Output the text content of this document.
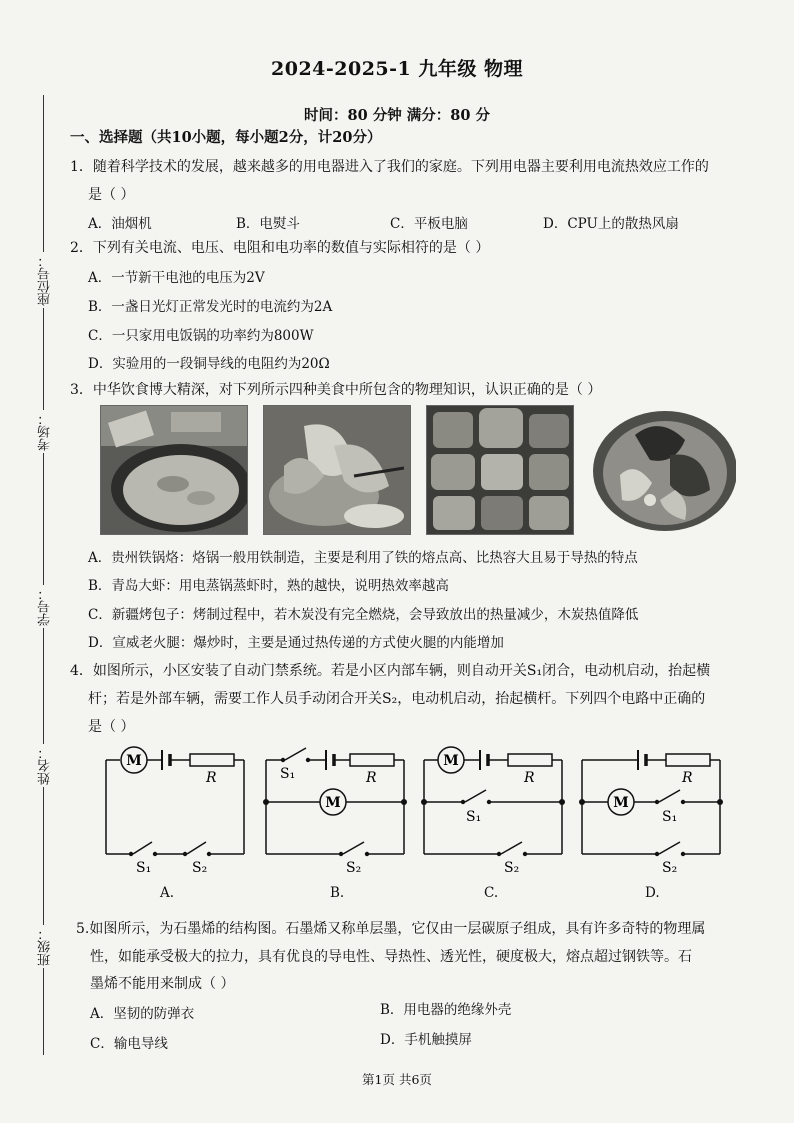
2024-2025-1 九年级 物理
时间：80 分钟 满分：80 分
座位号：
考场：
学号：
姓名：
班级：
一、选择题（共10小题，每小题2分，计20分）
1．随着科学技术的发展，越来越多的用电器进入了我们的家庭。下列用电器主要利用电流热效应工作的
是（ ）
A．油烟机	B．电熨斗	C．平板电脑	D．CPU上的散热风扇
2．下列有关电流、电压、电阻和电功率的数值与实际相符的是（ ）
A．一节新干电池的电压为2V
B．一盏日光灯正常发光时的电流约为2A
C．一只家用电饭锅的功率约为800W
D．实验用的一段铜导线的电阻约为20Ω
3．中华饮食博大精深，对下列所示四种美食中所包含的物理知识，认识正确的是（ ）
A．贵州铁锅烙：烙锅一般用铁制造，主要是利用了铁的熔点高、比热容大且易于导热的特点
B．青岛大虾：用电蒸锅蒸虾时，熟的越快，说明热效率越高
C．新疆烤包子：烤制过程中，若木炭没有完全燃烧，会导致放出的热量减少，木炭热值降低
D．宣威老火腿：爆炒时，主要是通过热传递的方式使火腿的内能增加
4．如图所示，小区安装了自动门禁系统。若是小区内部车辆，则自动开关S₁闭合，电动机启动，抬起横
杆；若是外部车辆，需要工作人员手动闭合开关S₂，电动机启动，抬起横杆。下列四个电路中正确的
是（ ）
M
R
S₁	S₂
M
R
S₁
S₂
M
R
S₁
S₂
M
R
S₁
S₂
A.	B.	C.	D.
5.如图所示，为石墨烯的结构图。石墨烯又称单层墨，它仅由一层碳原子组成，具有许多奇特的物理属
性，如能承受极大的拉力，具有优良的导电性、导热性、透光性，硬度极大，熔点超过钢铁等。石
墨烯不能用来制成（ ）
A．坚韧的防弹衣	B．用电器的绝缘外壳
C．输电导线	D．手机触摸屏
第1页 共6页
